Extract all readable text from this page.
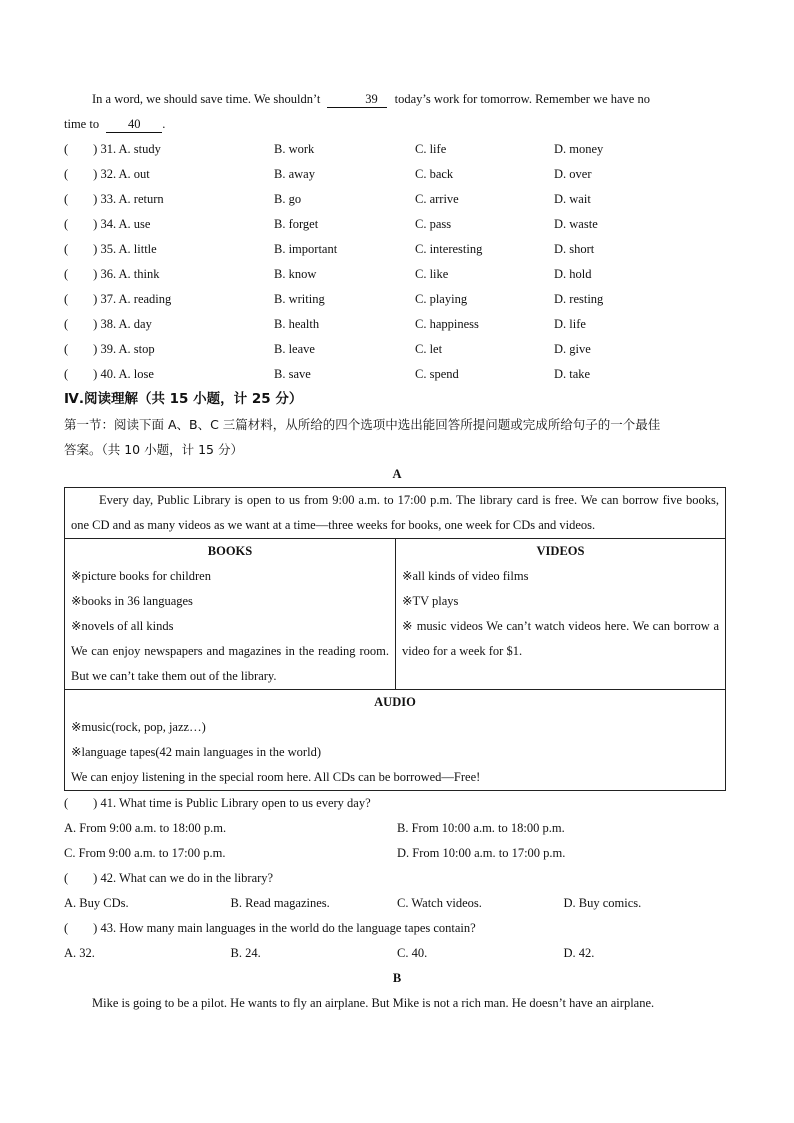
In a word, we should save time. We shouldn’t	39 today’s work for tomorrow. Remember we have no

time to 40 .

(        ) 31. A. study	B. work	C. life	D. money
(        ) 32. A. out	B. away	C. back	D. over
(        ) 33. A. return	B. go	C. arrive	D. wait
(        ) 34. A. use	B. forget	C. pass	D. waste
(        ) 35. A. little	B. important	C. interesting	D. short
(        ) 36. A. think	B. know	C. like	D. hold
(        ) 37. A. reading	B. writing	C. playing	D. resting
(        ) 38. A. day	B. health	C. happiness	D. life
(        ) 39. A. stop	B. leave	C. let	D. give
(        ) 40. A. lose	B. save	C. spend	D. take

Ⅳ.阅读理解（共 15 小题，计 25 分）

第一节：阅读下面 A、B、C 三篇材料，从所给的四个选项中选出能回答所提问题或完成所给句子的一个最佳

答案。（共 10 小题，计 15 分）

A

Every day, Public Library is open to us from 9:00 a.m. to 17:00 p.m. The library card is free. We can borrow five books, one CD and as many videos as we want at a time—three weeks for books, one week for CDs and videos.

BOOKS
※picture books for children
※books in 36 languages
※novels of all kinds
We can enjoy newspapers and magazines in the reading room. But we can’t take them out of the library.

VIDEOS
※all kinds of video films
※TV plays
※ music videos We can’t watch videos here. We can borrow a video for a week for $1.

AUDIO
※music(rock, pop, jazz…)
※language tapes(42 main languages in the world)
We can enjoy listening in the special room here. All CDs can be borrowed—Free!

(        ) 41. What time is Public Library open to us every day?

A. From 9:00 a.m. to 18:00 p.m.	B. From 10:00 a.m. to 18:00 p.m.
C. From 9:00 a.m. to 17:00 p.m.	D. From 10:00 a.m. to 17:00 p.m.

(        ) 42. What can we do in the library?

A. Buy CDs.	B. Read magazines.	C. Watch videos.	D. Buy comics.

(        ) 43. How many main languages in the world do the language tapes contain?

A. 32.	B. 24.	C. 40.	D. 42.

B

Mike is going to be a pilot. He wants to fly an airplane. But Mike is not a rich man. He doesn’t have an airplane.
